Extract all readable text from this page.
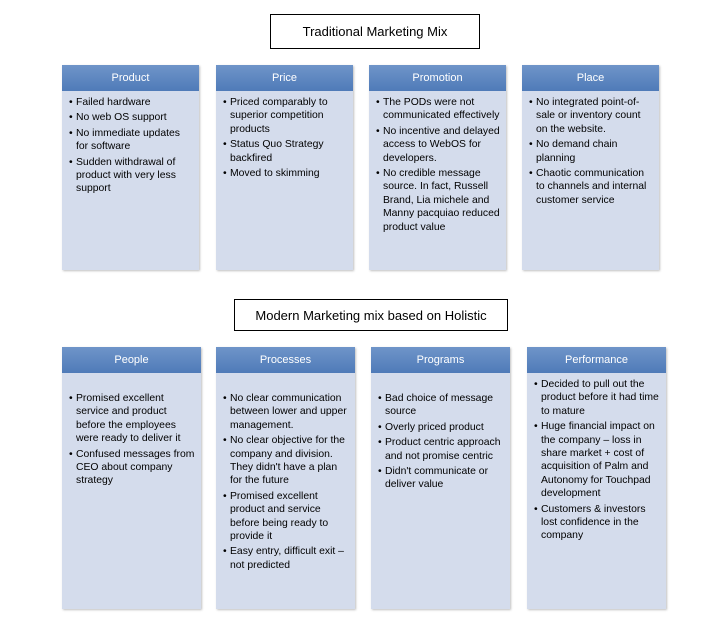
Traditional Marketing Mix
Product
• Failed hardware
• No web OS support
• No immediate updates for software
• Sudden withdrawal of product with very less support
Price
• Priced comparably to superior competition products
• Status Quo Strategy backfired
• Moved to skimming
Promotion
• The PODs were not communicated effectively
• No incentive and delayed access to WebOS for developers.
• No credible message source. In fact, Russell Brand, Lia michele and Manny pacquiao reduced product value
Place
• No integrated point-of-sale or inventory count on the website.
• No demand chain planning
• Chaotic communication to channels and internal customer service
Modern Marketing mix based on Holistic
People
• Promised excellent service and product before the employees were ready to deliver it
• Confused messages from CEO about company strategy
Processes
• No clear communication between lower and upper management.
• No clear objective for the company and division. They didn't have a plan for the future
• Promised excellent product and service before being ready to provide it
• Easy entry, difficult exit – not predicted
Programs
• Bad choice of message source
• Overly priced product
• Product centric approach and not promise centric
• Didn't communicate or deliver value
Performance
• Decided to pull out the product before it had time to mature
• Huge financial impact on the company – loss in share market + cost of acquisition of Palm and Autonomy for Touchpad development
• Customers & investors lost confidence in the company
